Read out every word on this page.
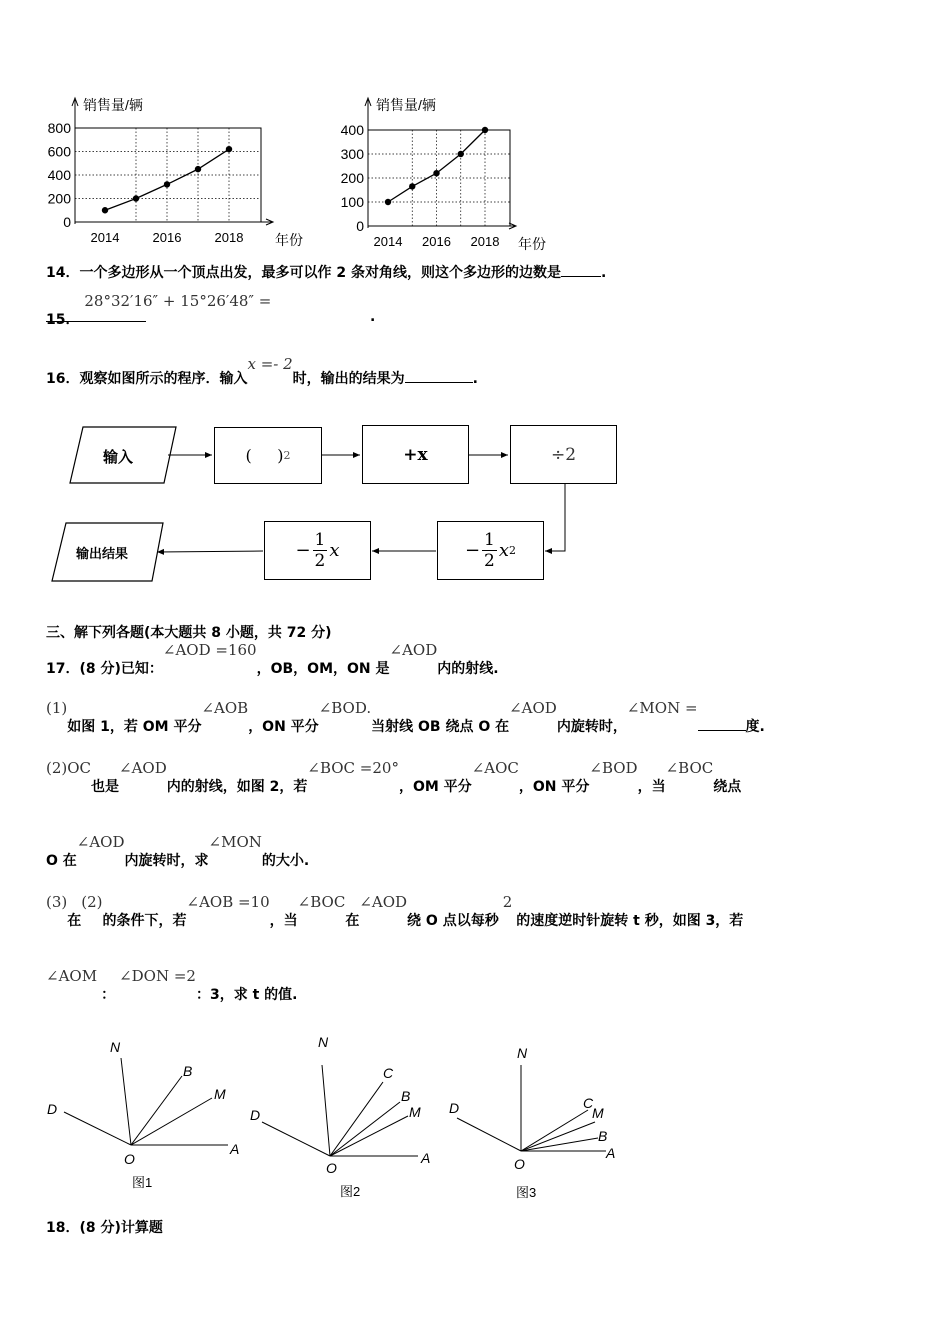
800
600
400
200
0
2014	2016	2018
销售量/辆
年份
400
300
200
100
0
2014 2016 2018
销售量/辆
年份
14．一个多边形从一个顶点出发，最多可以作 2 条对角线，则这个多边形的边数是	.
15． 28°32′16″ + 15°26′48″ =
.
16．观察如图所示的程序．输入x =- 2时，输出的结果为	.
输入	(     ) 2	+x	÷2
− $\frac{1}{2}$ x 2
− $\frac{1}{2}$ x
输出结果
三、解下列各题(本大题共 8 小题，共 72 分)
17．(8 分)已知：∠AOD =160，OB，OM，ON 是∠AOD内的射线.
(1)如图 1，若 OM 平分∠AOB，ON 平分∠BOD.当射线 OB 绕点 O 在∠AOD内旋转时，∠MON =度.
(2)OC也是∠AOD内的射线，如图 2，若∠BOC =20°，OM 平分∠AOC，ON 平分∠BOD，当∠BOC绕点
O 在∠AOD内旋转时，求∠MON的大小.
(3)在(2)的条件下，若∠AOB =10，当∠BOC在∠AOD绕 O 点以每秒2的速度逆时针旋转 t 秒，如图 3，若
∠AOM：∠DON =2：3，求 t 的值.
N
B
M
D
O
A
图1
N
C
B
M
D
O
A
图2
N
C
M
B
D
O
A
图3
18．(8 分)计算题
